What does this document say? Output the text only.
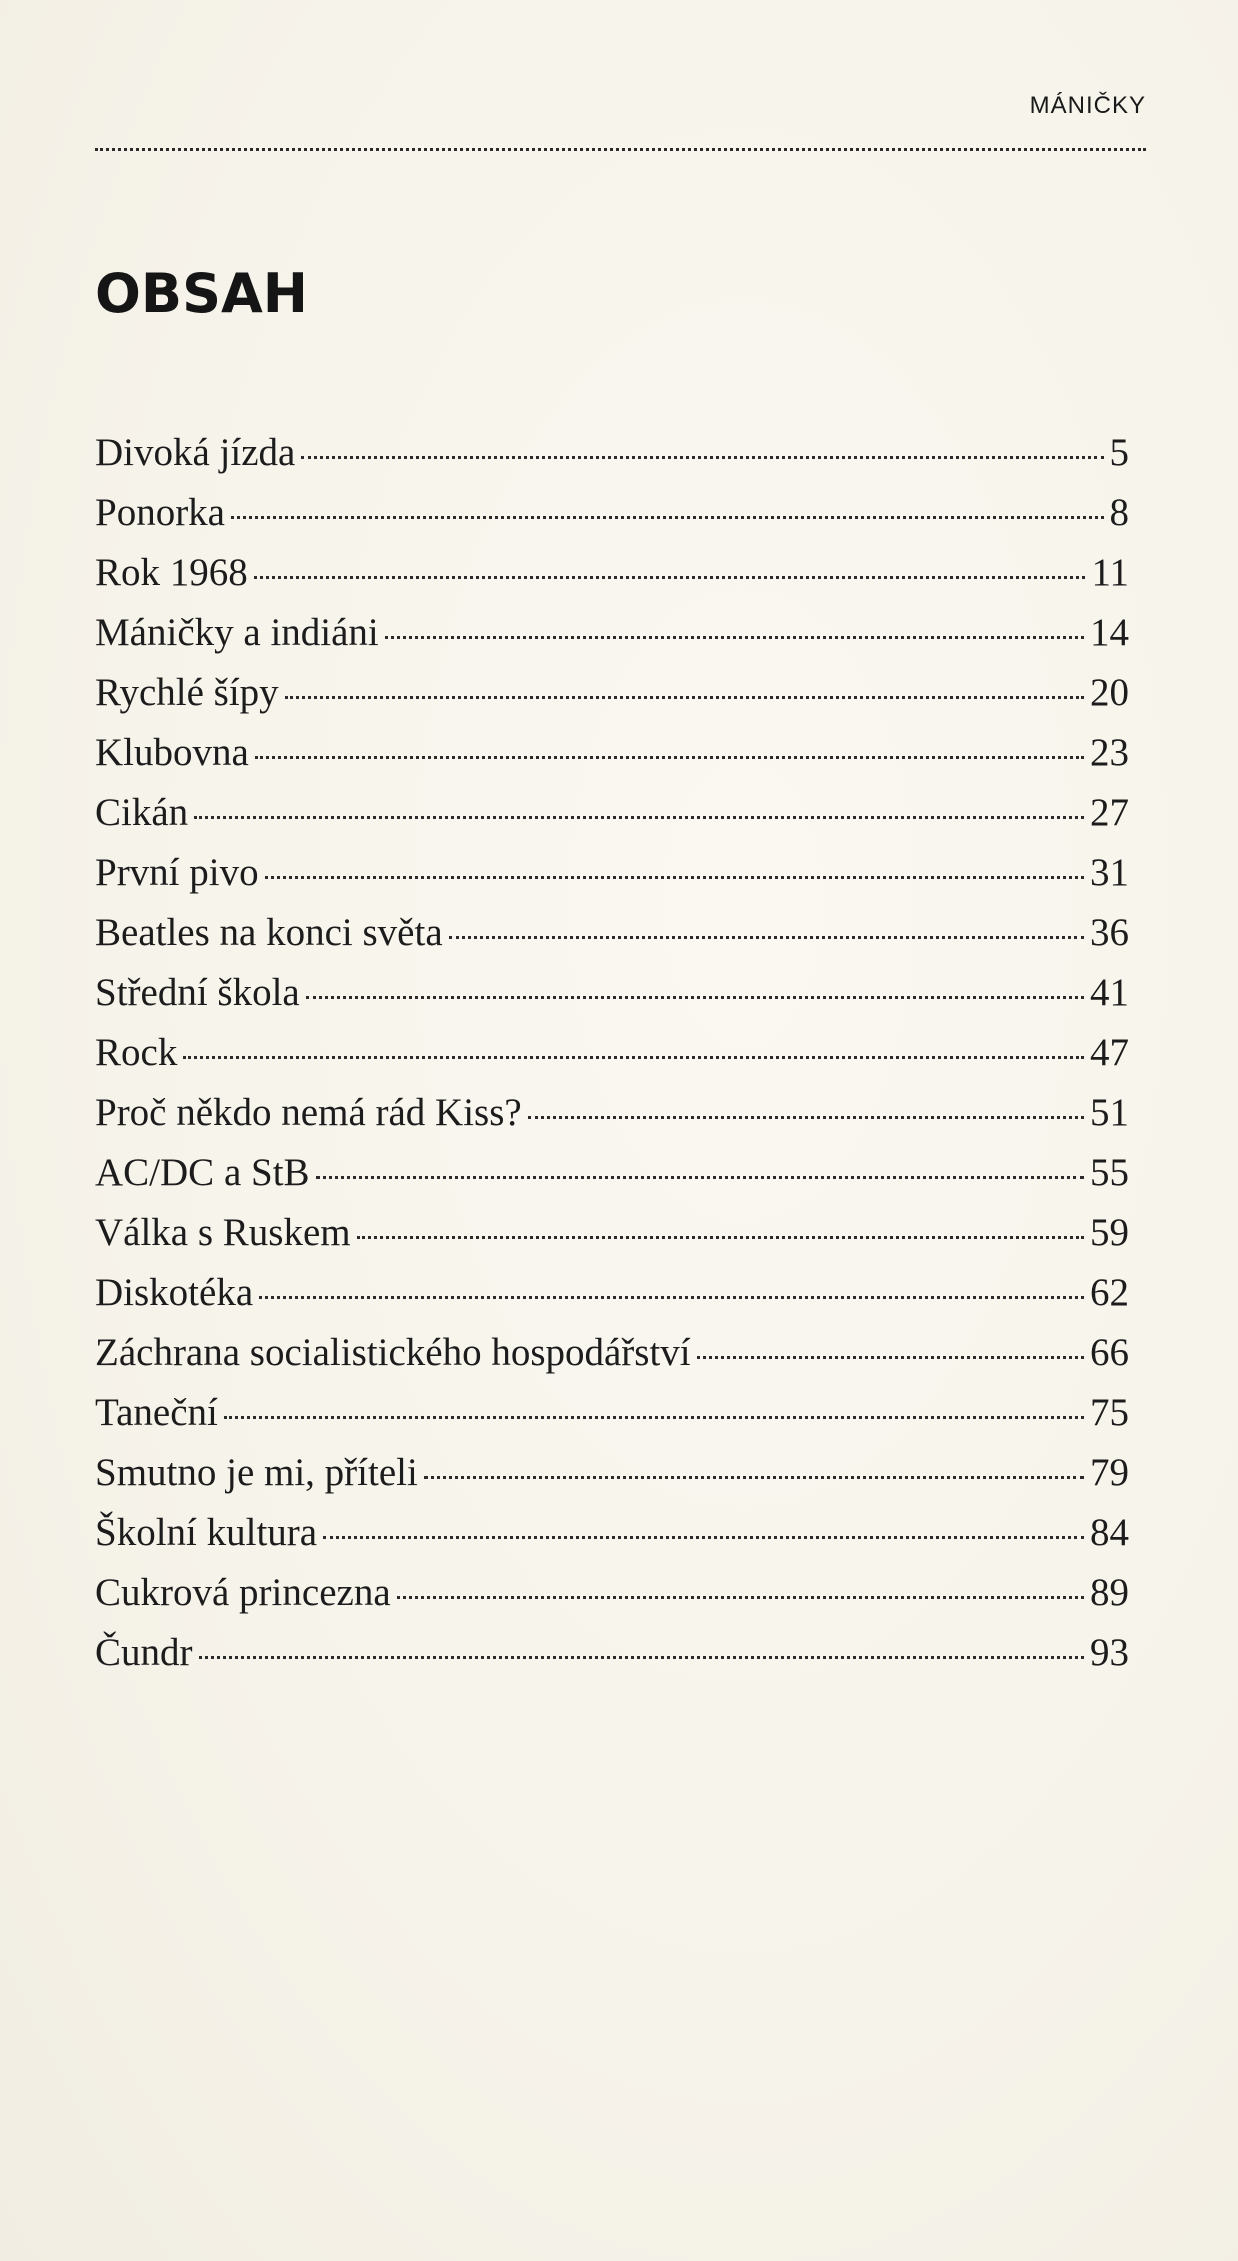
MÁNIČKY
OBSAH
Divoká jízda	5
Ponorka	8
Rok 1968	11
Máničky a indiáni	14
Rychlé šípy	20
Klubovna	23
Cikán	27
První pivo	31
Beatles na konci světa	36
Střední škola	41
Rock	47
Proč někdo nemá rád Kiss?	51
AC/DC a StB	55
Válka s Ruskem	59
Diskotéka	62
Záchrana socialistického hospodářství	66
Taneční	75
Smutno je mi, příteli	79
Školní kultura	84
Cukrová princezna	89
Čundr	93
